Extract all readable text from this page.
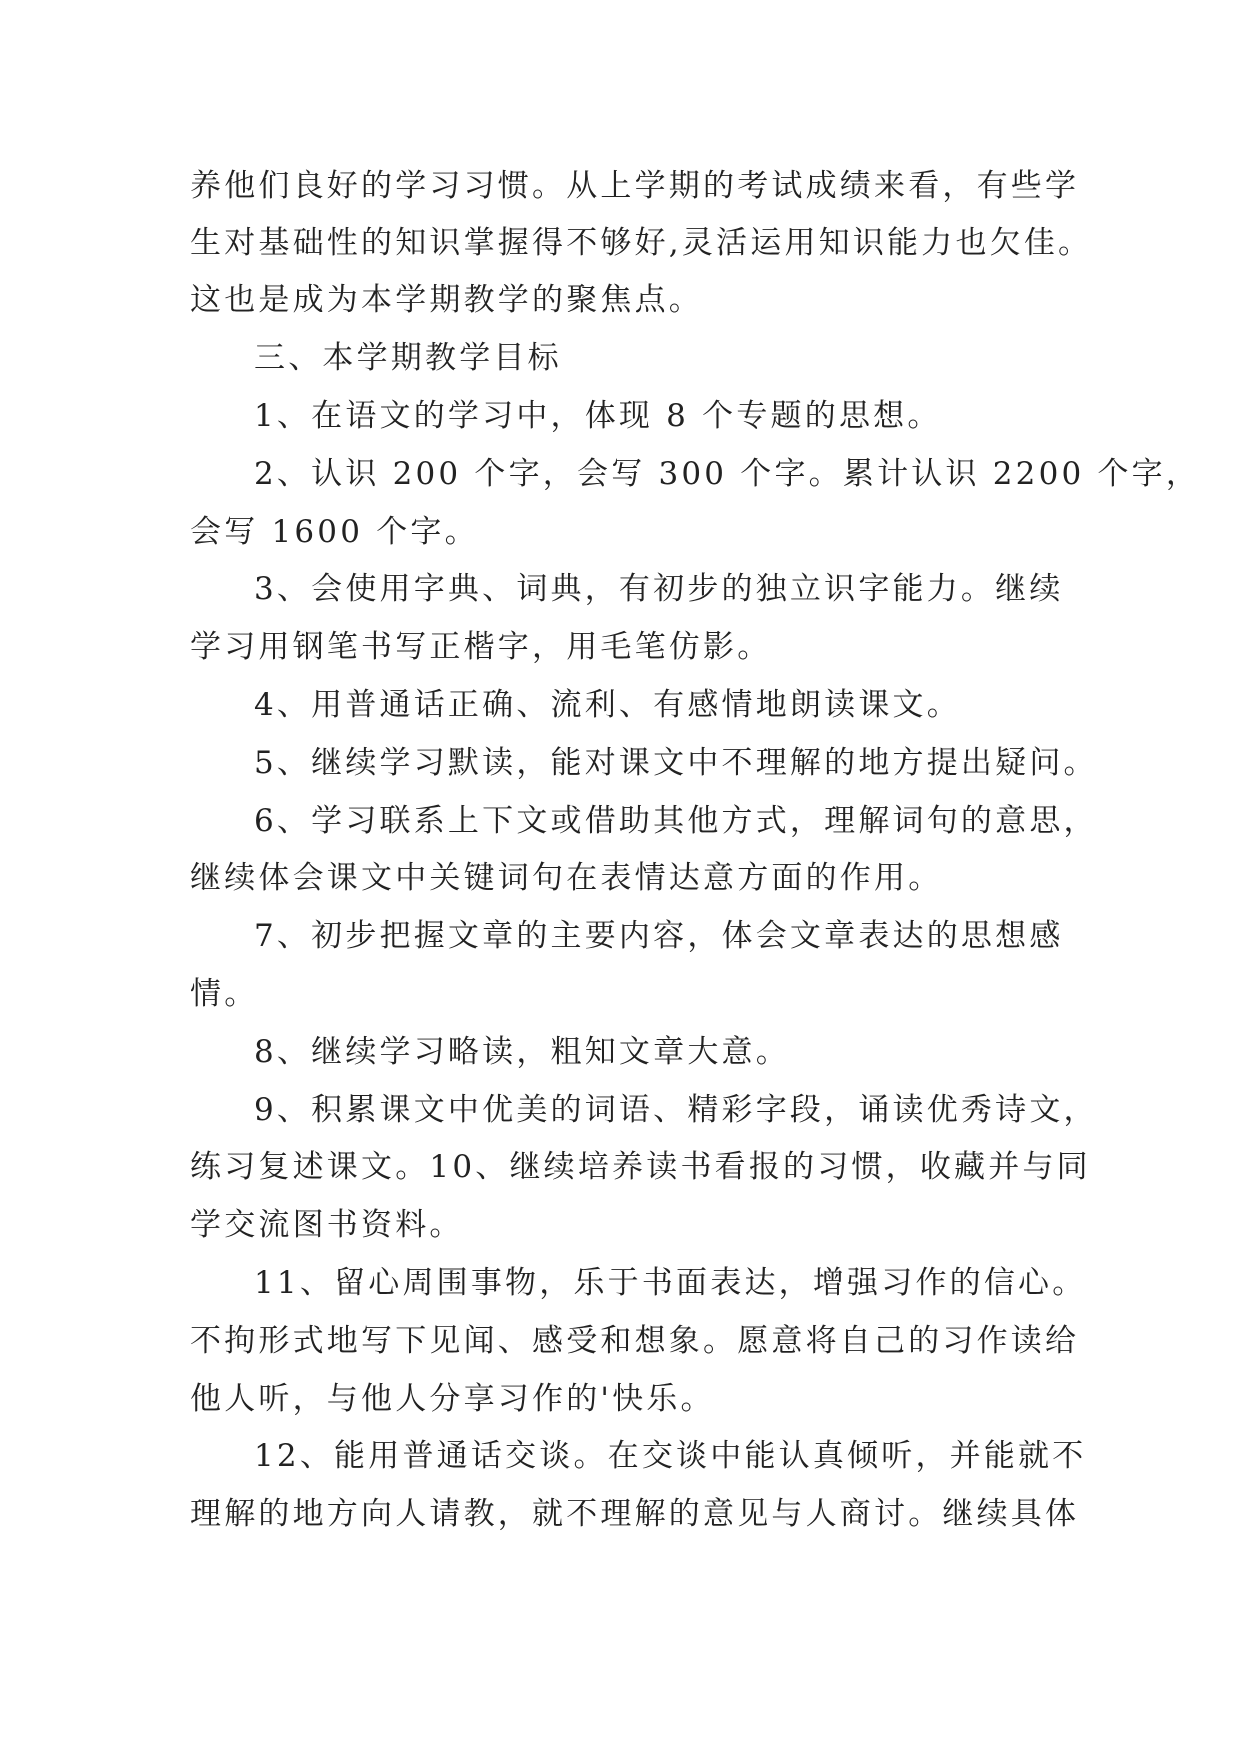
养他们良好的学习习惯。从上学期的考试成绩来看，有些学
生对基础性的知识掌握得不够好,灵活运用知识能力也欠佳。
这也是成为本学期教学的聚焦点。
三、本学期教学目标
1、在语文的学习中，体现 8 个专题的思想。
2、认识 200 个字，会写 300 个字。累计认识 2200 个字，
会写 1600 个字。
3、会使用字典、词典，有初步的独立识字能力。继续
学习用钢笔书写正楷字，用毛笔仿影。
4、用普通话正确、流利、有感情地朗读课文。
5、继续学习默读，能对课文中不理解的地方提出疑问。
6、学习联系上下文或借助其他方式，理解词句的意思，
继续体会课文中关键词句在表情达意方面的作用。
7、初步把握文章的主要内容，体会文章表达的思想感
情。
8、继续学习略读，粗知文章大意。
9、积累课文中优美的词语、精彩字段，诵读优秀诗文，
练习复述课文。10、继续培养读书看报的习惯，收藏并与同
学交流图书资料。
11、留心周围事物，乐于书面表达，增强习作的信心。
不拘形式地写下见闻、感受和想象。愿意将自己的习作读给
他人听，与他人分享习作的'快乐。
12、能用普通话交谈。在交谈中能认真倾听，并能就不
理解的地方向人请教，就不理解的意见与人商讨。继续具体
